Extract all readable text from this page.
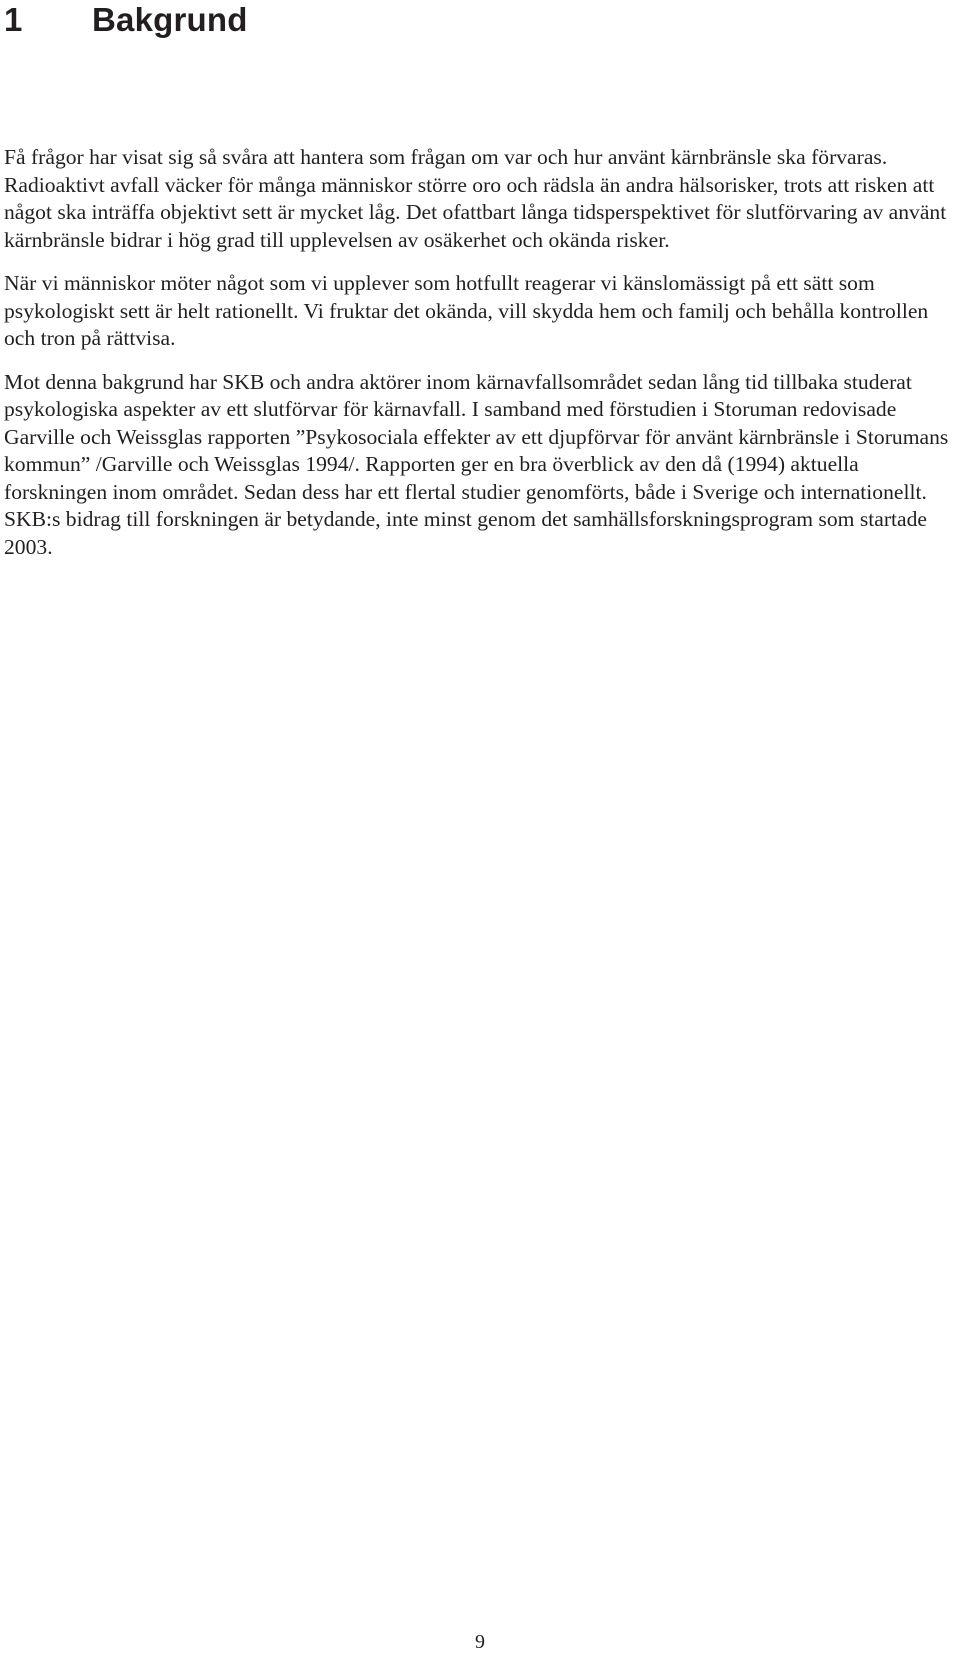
1 Bakgrund

Få frågor har visat sig så svåra att hantera som frågan om var och hur använt kärnbränsle ska förvaras. Radioaktivt avfall väcker för många människor större oro och rädsla än andra hälsorisker, trots att risken att något ska inträffa objektivt sett är mycket låg. Det ofattbart långa tidsperspektivet för slutförvaring av använt kärnbränsle bidrar i hög grad till upplevelsen av osäkerhet och okända risker.

När vi människor möter något som vi upplever som hotfullt reagerar vi känslomässigt på ett sätt som psykologiskt sett är helt rationellt. Vi fruktar det okända, vill skydda hem och familj och behålla kontrollen och tron på rättvisa.

Mot denna bakgrund har SKB och andra aktörer inom kärnavfallsområdet sedan lång tid tillbaka studerat psykologiska aspekter av ett slutförvar för kärnavfall. I samband med förstudien i Storuman redovisade Garville och Weissglas rapporten ”Psykosociala effekter av ett djupförvar för använt kärnbränsle i Storumans kommun” /Garville och Weissglas 1994/. Rapporten ger en bra överblick av den då (1994) aktuella forskningen inom området. Sedan dess har ett flertal studier genomförts, både i Sverige och internationellt. SKB:s bidrag till forskningen är betydande, inte minst genom det samhällsforskningsprogram som startade 2003.

9
